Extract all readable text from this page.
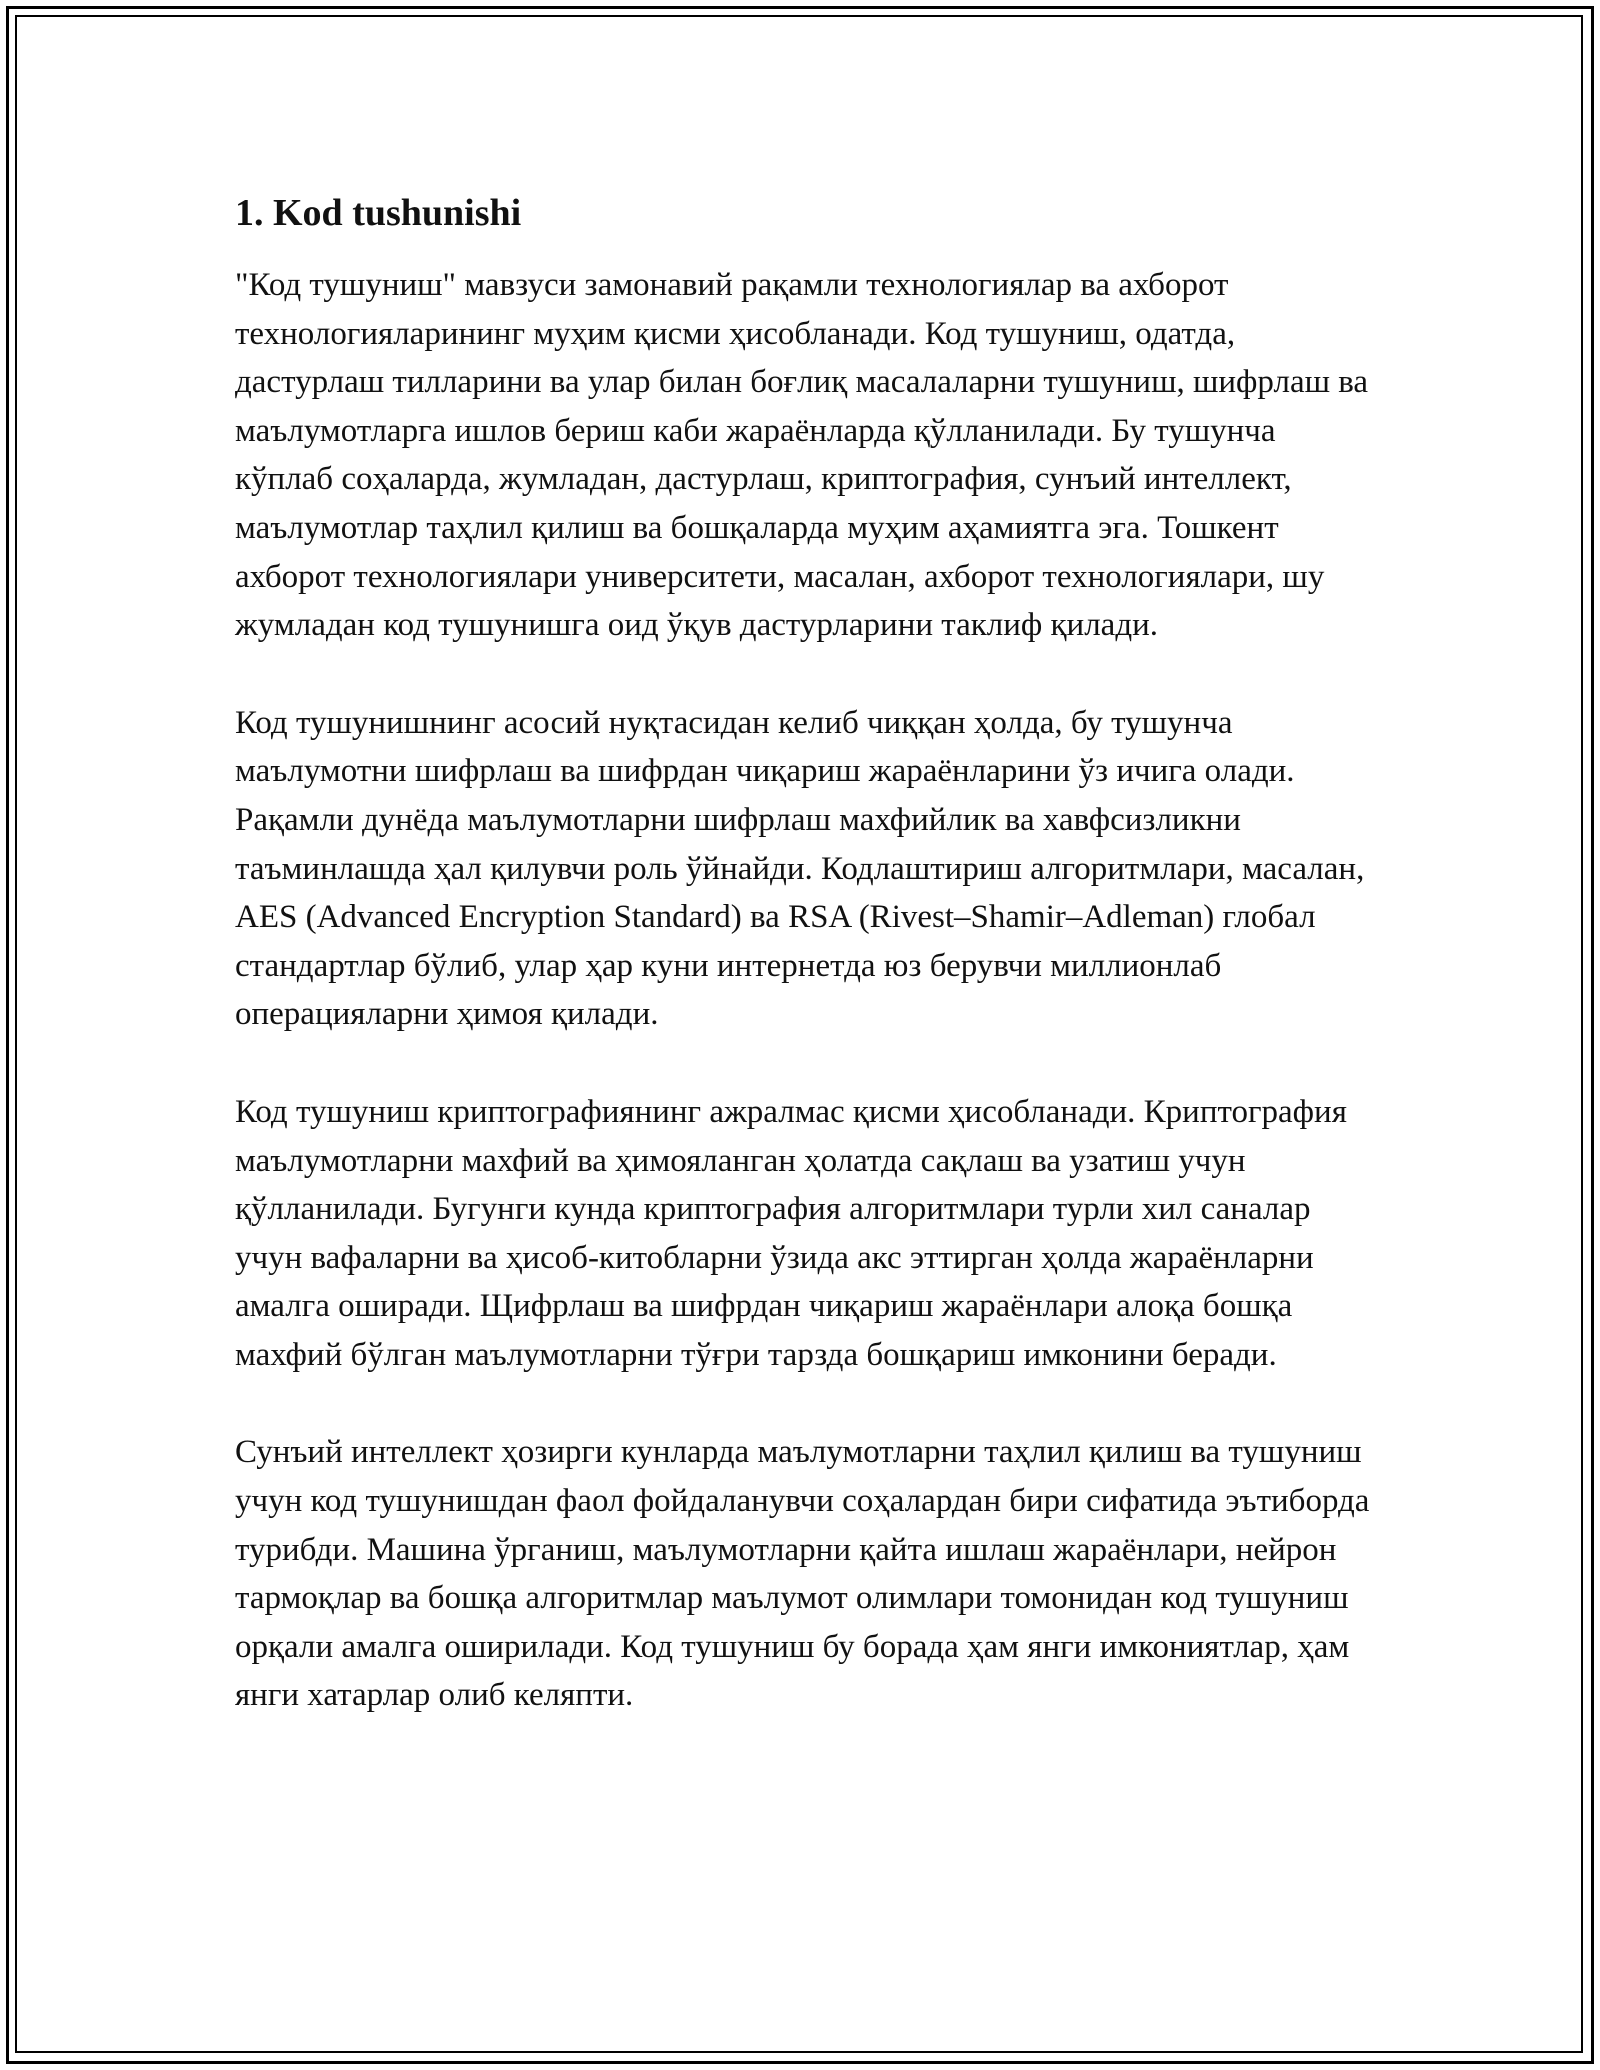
1. Kod tushunishi

"Код тушуниш" мавзуси замонавий рақамли технологиялар ва ахборот технологияларининг муҳим қисми ҳисобланади. Код тушуниш, одатда, дастурлаш тилларини ва улар билан боғлиқ масалаларни тушуниш, шифрлаш ва маълумотларга ишлов бериш каби жараёнларда қўлланилади. Бу тушунча кўплаб соҳаларда, жумладан, дастурлаш, криптография, сунъий интеллект, маълумотлар таҳлил қилиш ва бошқаларда муҳим аҳамиятга эга. Тошкент ахборот технологиялари университети, масалан, ахборот технологиялари, шу жумладан код тушунишга оид ўқув дастурларини таклиф қилади.

Код тушунишнинг асосий нуқтасидан келиб чиққан ҳолда, бу тушунча маълумотни шифрлаш ва шифрдан чиқариш жараёнларини ўз ичига олади. Рақамли дунёда маълумотларни шифрлаш махфийлик ва хавфсизликни таъминлашда ҳал қилувчи роль ўйнайди. Кодлаштириш алгоритмлари, масалан, AES (Advanced Encryption Standard) ва RSA (Rivest–Shamir–Adleman) глобал стандартлар бўлиб, улар ҳар куни интернетда юз берувчи миллионлаб операцияларни ҳимоя қилади.

Код тушуниш криптографиянинг ажралмас қисми ҳисобланади. Криптография маълумотларни махфий ва ҳимояланган ҳолатда сақлаш ва узатиш учун қўлланилади. Бугунги кунда криптография алгоритмлари турли хил саналар учун вафаларни ва ҳисоб-китобларни ўзида акс эттирган ҳолда жараёнларни амалга оширади. Щифрлаш ва шифрдан чиқариш жараёнлари алоқа бошқа махфий бўлган маълумотларни тўғри тарзда бошқариш имконини беради.

Сунъий интеллект ҳозирги кунларда маълумотларни таҳлил қилиш ва тушуниш учун код тушунишдан фаол фойдаланувчи соҳалардан бири сифатида эътиборда турибди. Машина ўрганиш, маълумотларни қайта ишлаш жараёнлари, нейрон тармоқлар ва бошқа алгоритмлар маълумот олимлари томонидан код тушуниш орқали амалга оширилади. Код тушуниш бу борада ҳам янги имкониятлар, ҳам янги хатарлар олиб келяпти.
